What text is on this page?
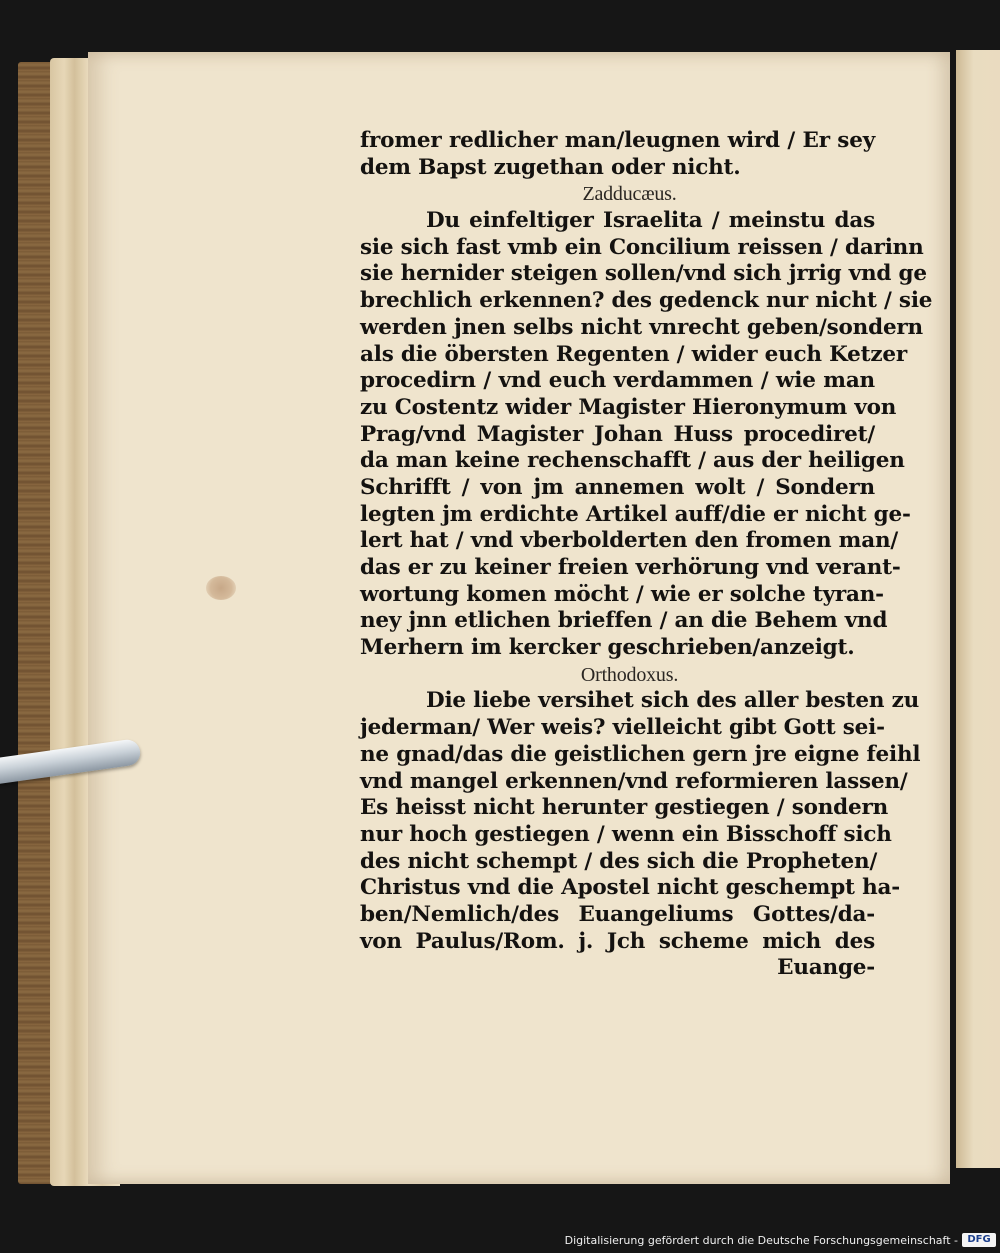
fromer redlicher man/leugnen wird / Er sey
dem Bapst zugethan oder nicht.
Zadducæus.
Du einfeltiger Israelita / meinstu das
sie sich fast vmb ein Concilium reissen / darinn
sie hernider steigen sollen/vnd sich jrrig vnd ge
brechlich erkennen? des gedenck nur nicht / sie
werden jnen selbs nicht vnrecht geben/sondern
als die öbersten Regenten / wider euch Ketzer
procedirn / vnd euch verdammen / wie man
zu Costentz wider Magister Hieronymum von
Prag/vnd Magister Johan Huss procediret/
da man keine rechenschafft / aus der heiligen
Schrifft / von jm annemen wolt / Sondern
legten jm erdichte Artikel auff/die er nicht ge-
lert hat / vnd vberbolderten den fromen man/
das er zu keiner freien verhörung vnd verant-
wortung komen möcht / wie er solche tyran-
ney jnn etlichen brieffen / an die Behem vnd
Merhern im kercker geschrieben/anzeigt.
Orthodoxus.
Die liebe versihet sich des aller besten zu
jederman/ Wer weis? vielleicht gibt Gott sei-
ne gnad/das die geistlichen gern jre eigne feihl
vnd mangel erkennen/vnd reformieren lassen/
Es heisst nicht herunter gestiegen / sondern
nur hoch gestiegen / wenn ein Bisschoff sich
des nicht schempt / des sich die Propheten/
Christus vnd die Apostel nicht geschempt ha-
ben/Nemlich/des Euangeliums Gottes/da-
von Paulus/Rom. j. Jch scheme mich des
Euange-
Digitalisierung gefördert durch die Deutsche Forschungsgemeinschaft - DFG
